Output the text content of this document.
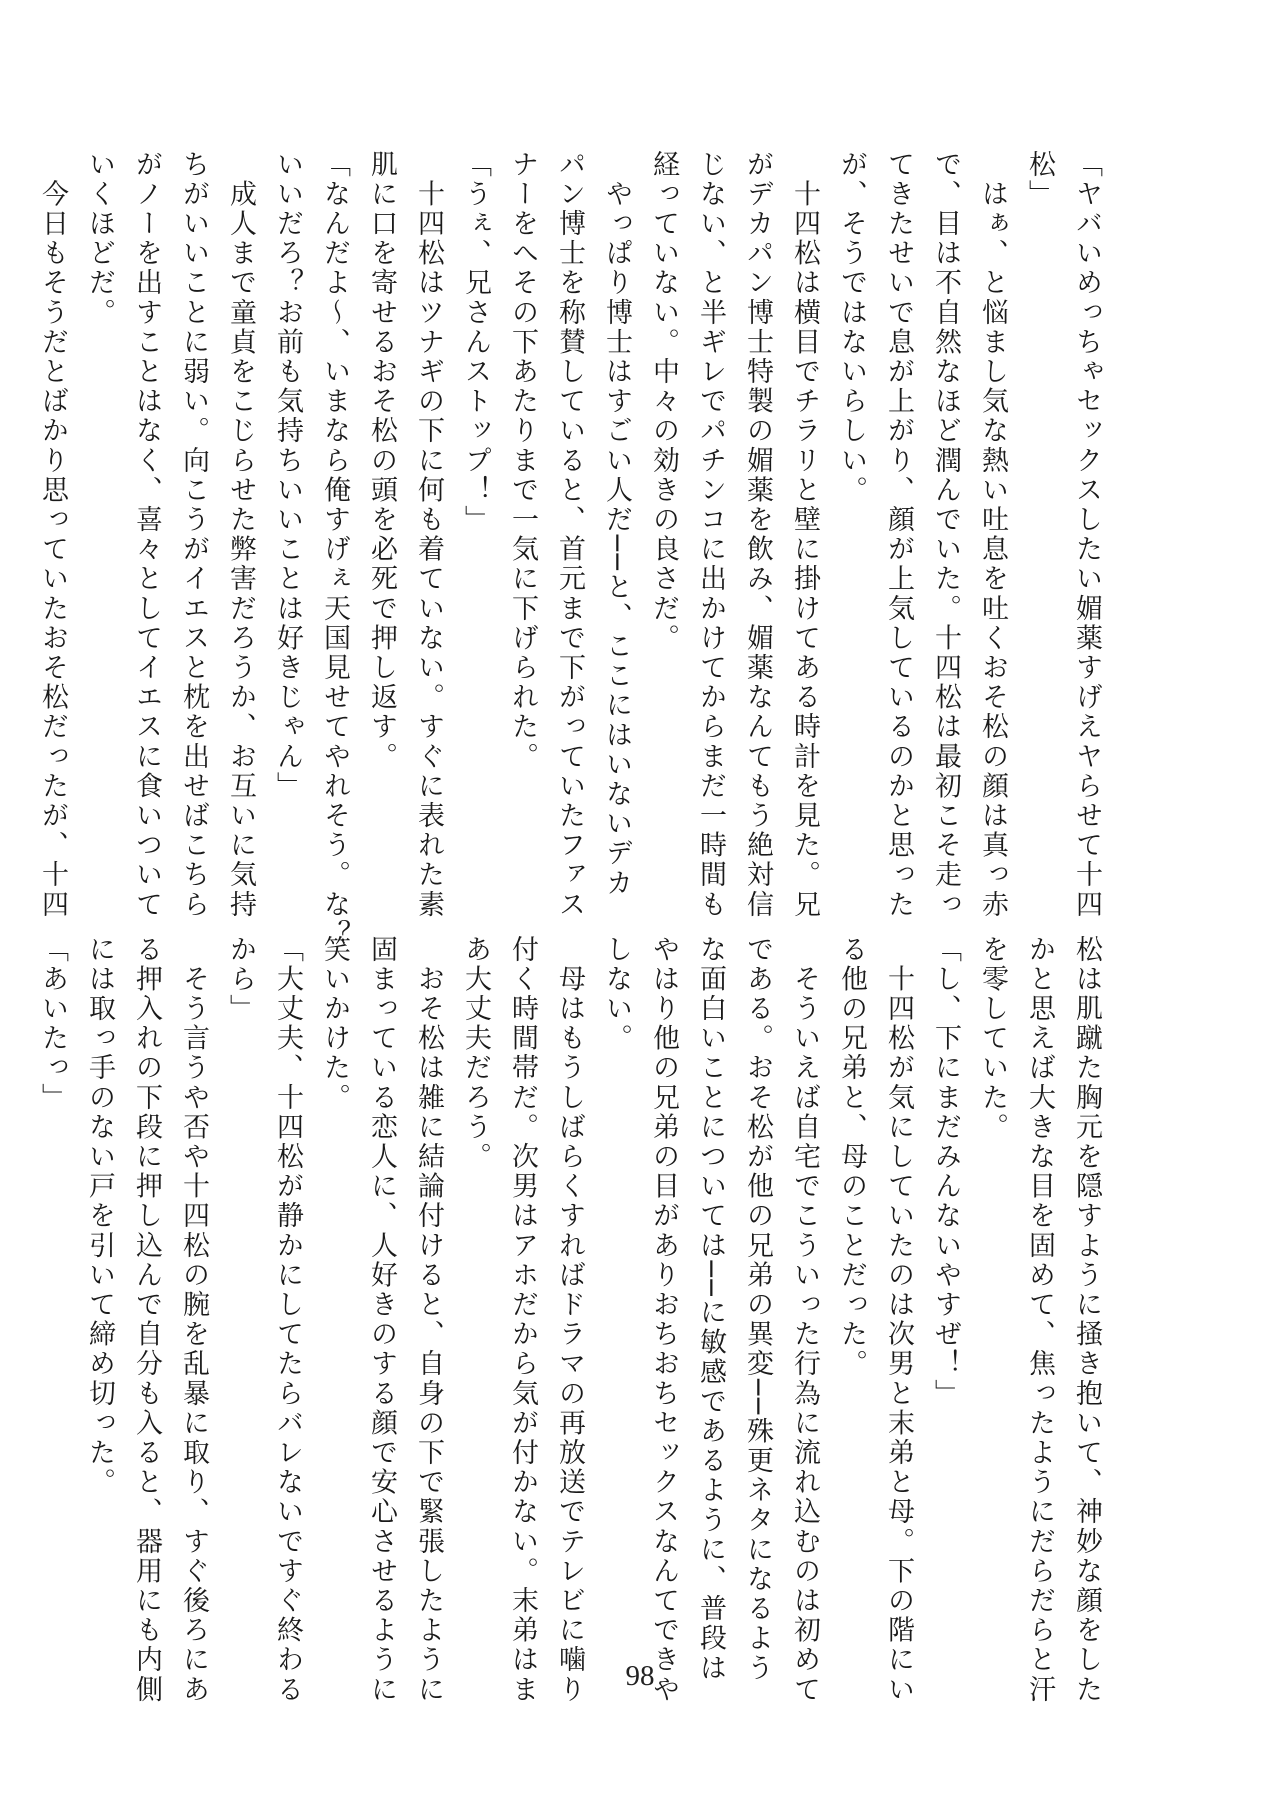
「ヤバいめっちゃセックスしたい媚薬すげえヤらせて十四
松」
　はぁ、と悩まし気な熱い吐息を吐くおそ松の顔は真っ赤
で、目は不自然なほど潤んでいた。十四松は最初こそ走っ
てきたせいで息が上がり、顔が上気しているのかと思った
が、そうではないらしい。
　十四松は横目でチラリと壁に掛けてある時計を見た。兄
がデカパン博士特製の媚薬を飲み、媚薬なんてもう絶対信
じない、と半ギレでパチンコに出かけてからまだ一時間も
経っていない。中々の効きの良さだ。
　やっぱり博士はすごい人だ──と、ここにはいないデカ
パン博士を称賛していると、首元まで下がっていたファス
ナーをへその下あたりまで一気に下げられた。
「うぇ、兄さんストップ！」
　十四松はツナギの下に何も着ていない。すぐに表れた素
肌に口を寄せるおそ松の頭を必死で押し返す。
「なんだよ〜、いまなら俺すげぇ天国見せてやれそう。な？
いいだろ？お前も気持ちいいことは好きじゃん」
　成人まで童貞をこじらせた弊害だろうか、お互いに気持
ちがいいことに弱い。向こうがイエスと枕を出せばこちら
がノーを出すことはなく、喜々としてイエスに食いついて
いくほどだ。
　今日もそうだとばかり思っていたおそ松だったが、十四
松は肌蹴た胸元を隠すように掻き抱いて、神妙な顔をした
かと思えば大きな目を固めて、焦ったようにだらだらと汗
を零していた。
「し、下にまだみんないやすぜ！」
　十四松が気にしていたのは次男と末弟と母。下の階にい
る他の兄弟と、母のことだった。
　そういえば自宅でこういった行為に流れ込むのは初めて
である。おそ松が他の兄弟の異変──殊更ネタになるよう
な面白いことについては──に敏感であるように、普段は
やはり他の兄弟の目がありおちおちセックスなんてできや
しない。
　母はもうしばらくすればドラマの再放送でテレビに噛り
付く時間帯だ。次男はアホだから気が付かない。末弟はま
あ大丈夫だろう。
　おそ松は雑に結論付けると、自身の下で緊張したように
固まっている恋人に、人好きのする顔で安心させるように
笑いかけた。
「大丈夫、十四松が静かにしてたらバレないですぐ終わる
から」
　そう言うや否や十四松の腕を乱暴に取り、すぐ後ろにあ
る押入れの下段に押し込んで自分も入ると、器用にも内側
には取っ手のない戸を引いて締め切った。
「あいたっ」
98
